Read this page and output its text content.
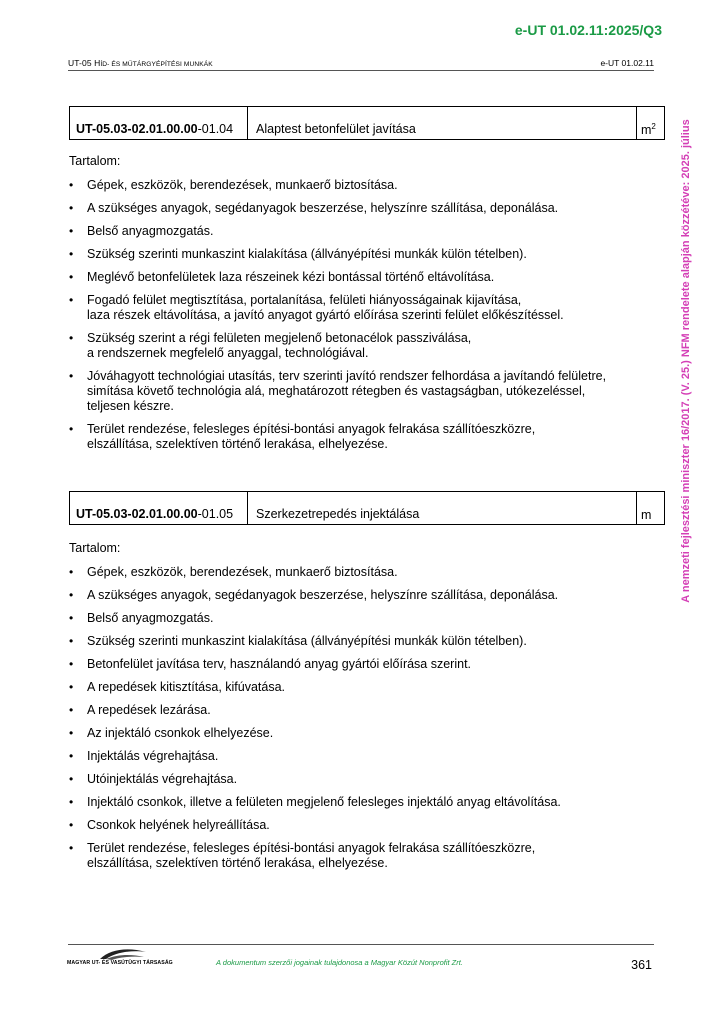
e-UT 01.02.11:2025/Q3
UT-05 HÍD- ÉS MŰTÁRGYÉPÍTÉSI MUNKÁK	e-UT 01.02.11
A nemzeti fejlesztési miniszter 16/2017. (V. 25.) NFM rendelete alapján közzétéve: 2025. július
UT-05.03-02.01.00.00-01.04	Alaptest betonfelület javítása	$m^2$
Tartalom:
• Gépek, eszközök, berendezések, munkaerő biztosítása.
• A szükséges anyagok, segédanyagok beszerzése, helyszínre szállítása, deponálása.
• Belső anyagmozgatás.
• Szükség szerinti munkaszint kialakítása (állványépítési munkák külön tételben).
• Meglévő betonfelületek laza részeinek kézi bontással történő eltávolítása.
• Fogadó felület megtisztítása, portalanítása, felületi hiányosságainak kijavítása,
laza részek eltávolítása, a javító anyagot gyártó előírása szerinti felület előkészítéssel.
• Szükség szerint a régi felületen megjelenő betonacélok passziválása,
a rendszernek megfelelő anyaggal, technológiával.
• Jóváhagyott technológiai utasítás, terv szerinti javító rendszer felhordása a javítandó felületre,
simítása követő technológia alá, meghatározott rétegben és vastagságban, utókezeléssel,
teljesen készre.
• Terület rendezése, felesleges építési-bontási anyagok felrakása szállítóeszközre,
elszállítása, szelektíven történő lerakása, elhelyezése.
UT-05.03-02.01.00.00-01.05	Szerkezetrepedés injektálása	m
Tartalom:
• Gépek, eszközök, berendezések, munkaerő biztosítása.
• A szükséges anyagok, segédanyagok beszerzése, helyszínre szállítása, deponálása.
• Belső anyagmozgatás.
• Szükség szerinti munkaszint kialakítása (állványépítési munkák külön tételben).
• Betonfelület javítása terv, használandó anyag gyártói előírása szerint.
• A repedések kitisztítása, kifúvatása.
• A repedések lezárása.
• Az injektáló csonkok elhelyezése.
• Injektálás végrehajtása.
• Utóinjektálás végrehajtása.
• Injektáló csonkok, illetve a felületen megjelenő felesleges injektáló anyag eltávolítása.
• Csonkok helyének helyreállítása.
• Terület rendezése, felesleges építési-bontási anyagok felrakása szállítóeszközre,
elszállítása, szelektíven történő lerakása, elhelyezése.
MAGYAR UT- ÉS VASÚTÜGYI TÁRSASÁG	A dokumentum szerzői jogainak tulajdonosa a Magyar Közút Nonprofit Zrt.	361
